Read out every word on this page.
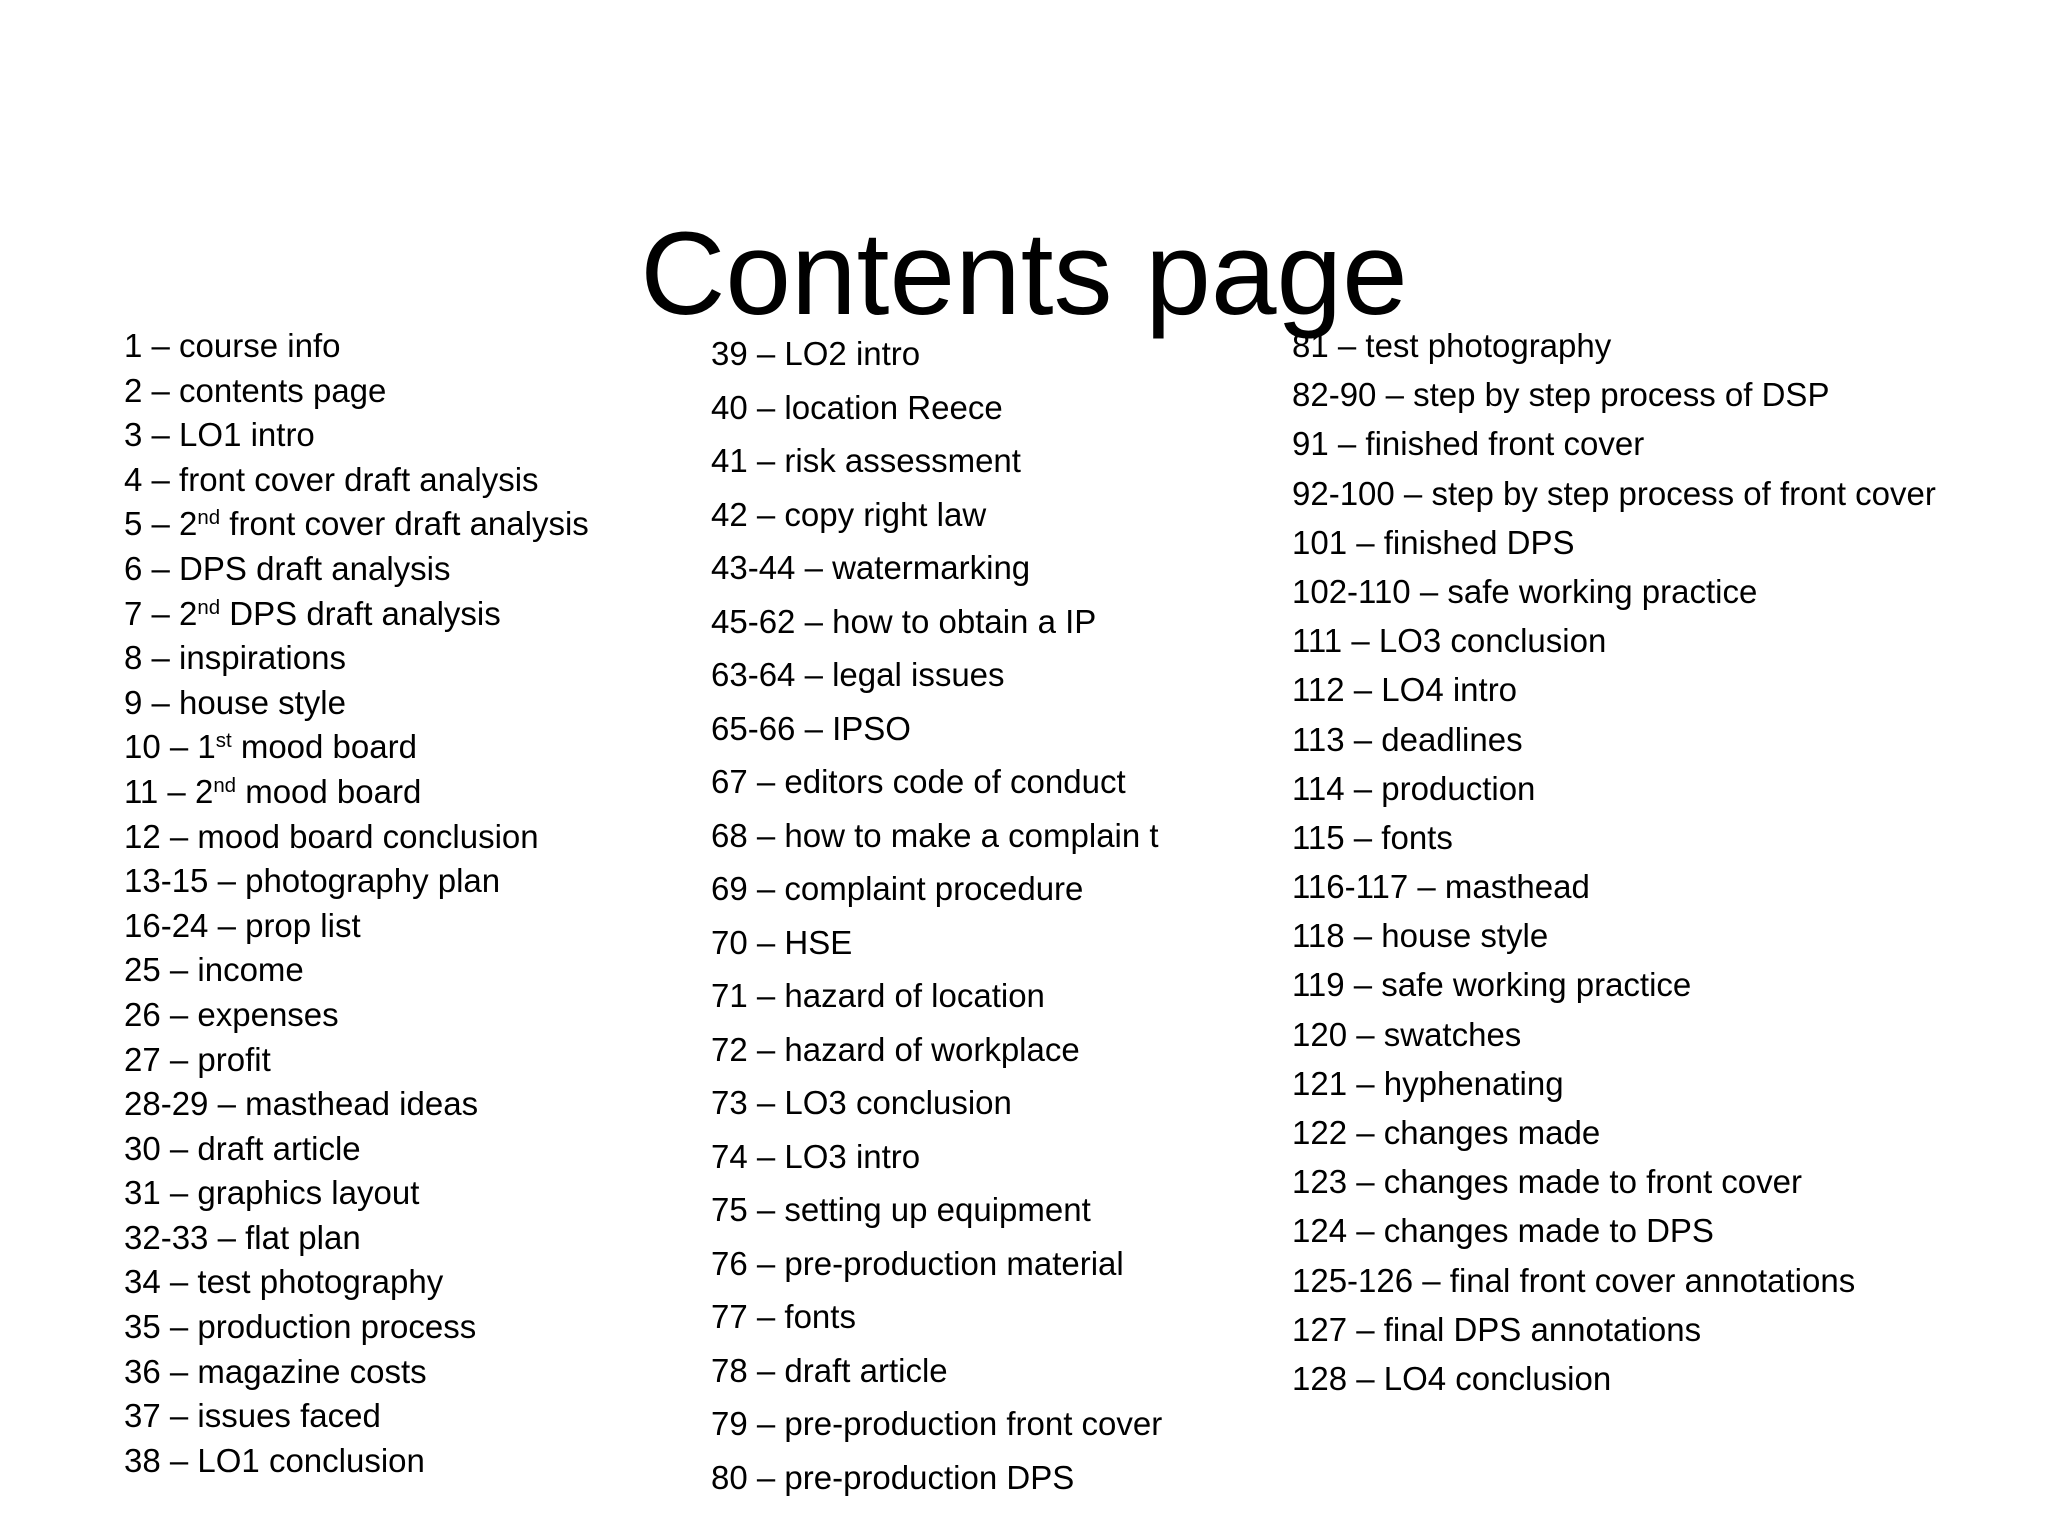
Contents page
1 – course info
2 – contents page
3 – LO1 intro
4 – front cover draft analysis
5 – 2nd front cover draft analysis
6 – DPS draft analysis
7 – 2nd DPS draft analysis
8 – inspirations
9 – house style
10 – 1st mood board
11 – 2nd mood board
12 – mood board conclusion
13-15 – photography plan
16-24 – prop list
25 – income
26 – expenses
27 – profit
28-29 – masthead ideas
30 – draft article
31 – graphics layout
32-33 – flat plan
34 – test photography
35 – production process
36 – magazine costs
37 – issues faced
38 – LO1 conclusion
39 – LO2 intro
40 – location Reece
41 – risk assessment
42 – copy right law
43-44 – watermarking
45-62 – how to obtain a IP
63-64 – legal issues
65-66 – IPSO
67 – editors code of conduct
68 – how to make a complain t
69 – complaint procedure
70 – HSE
71 – hazard of location
72 – hazard of workplace
73 – LO3 conclusion
74 – LO3 intro
75 – setting up equipment
76 – pre-production material
77 – fonts
78 – draft article
79 – pre-production front cover
80 – pre-production DPS
81 – test photography
82-90 – step by step process of DSP
91 – finished front cover
92-100 – step by step process of front cover
101 – finished DPS
102-110 – safe working practice
111 – LO3 conclusion
112 – LO4 intro
113 – deadlines
114 – production
115 – fonts
116-117 – masthead
118 – house style
119 – safe working practice
120 – swatches
121 – hyphenating
122 – changes made
123 – changes made to front cover
124 – changes made to DPS
125-126 – final front cover annotations
127 – final DPS annotations
128 – LO4 conclusion
